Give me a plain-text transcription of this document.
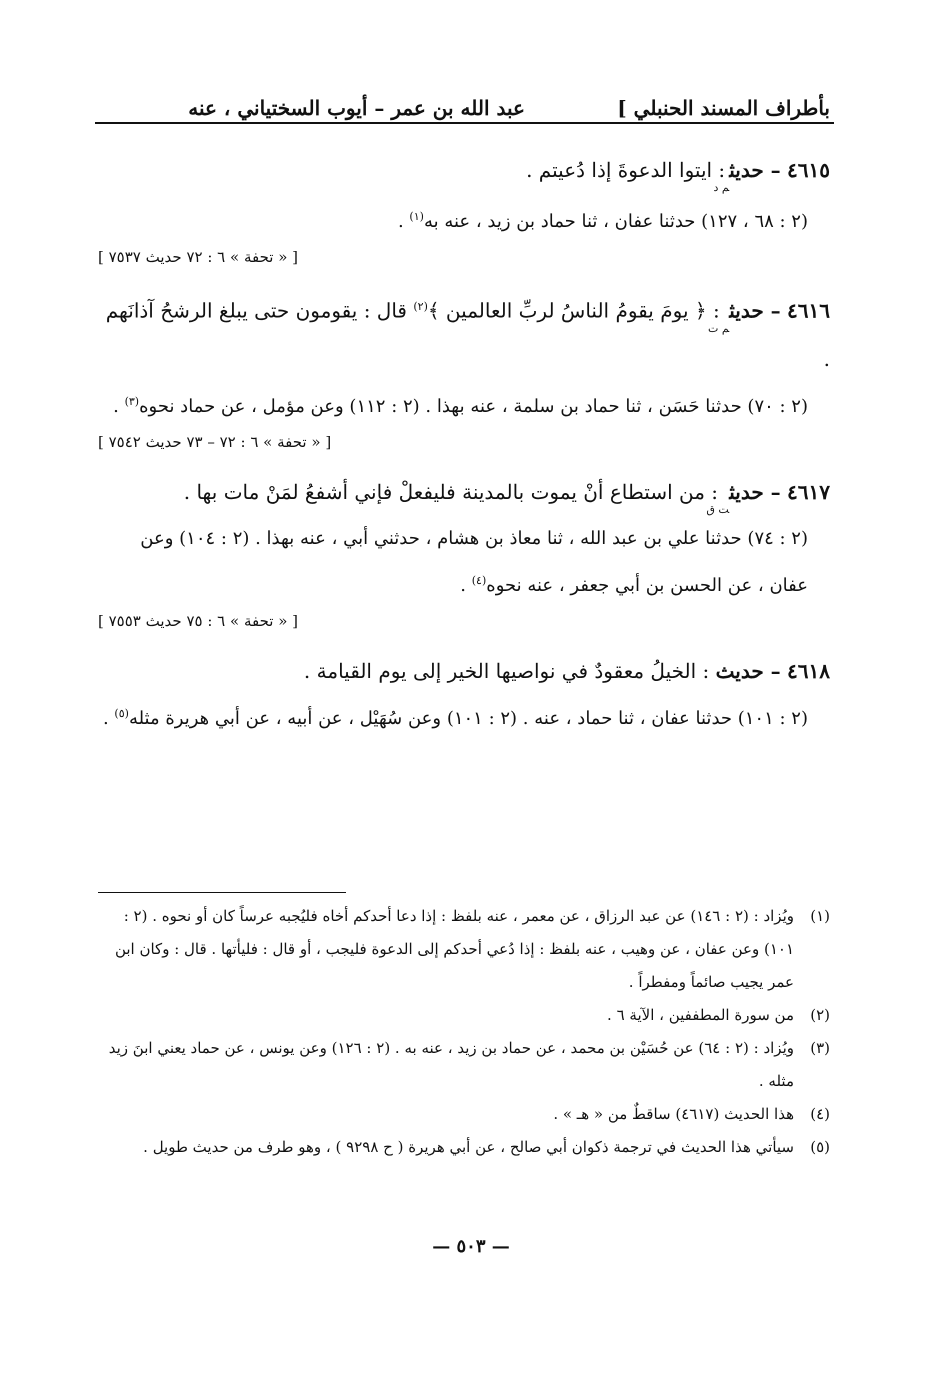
بأطراف المسند الحنبلي ]
عبد الله بن عمر – أيوب السختياني ، عنه
٤٦١٥ – حديث$_{م د}$ : ايتوا الدعوةَ إذا دُعيتم .
(٢ : ٦٨ ، ١٢٧) حدثنا عفان ، ثنا حماد بن زيد ، عنه به$^{(١)}$ .
[ « تحفة » ٦ : ٧٢ حديث ٧٥٣٧ ]
٤٦١٦ – حديث$_{م ت}$ : ﴿ يومَ يقومُ الناسُ لربِّ العالمين ﴾$^{(٢)}$ قال : يقومون حتى يبلغ الرشحُ آذانَهم .
(٢ : ٧٠) حدثنا حَسَن ، ثنا حماد بن سلمة ، عنه بهذا . (٢ : ١١٢) وعن مؤمل ، عن حماد نحوه$^{(٣)}$ .
[ « تحفة » ٦ : ٧٢ – ٧٣ حديث ٧٥٤٢ ]
٤٦١٧ – حديث$_{ت ق}$ : من استطاع أنْ يموت بالمدينة فليفعلْ فإني أشفعُ لمَنْ مات بها .
(٢ : ٧٤) حدثنا علي بن عبد الله ، ثنا معاذ بن هشام ، حدثني أبي ، عنه بهذا . (٢ : ١٠٤) وعن عفان ، عن الحسن بن أبي جعفر ، عنه نحوه$^{(٤)}$ .
[ « تحفة » ٦ : ٧٥ حديث ٧٥٥٣ ]
٤٦١٨ – حديث : الخيلُ معقودٌ في نواصيها الخير إلى يوم القيامة .
(٢ : ١٠١) حدثنا عفان ، ثنا حماد ، عنه . (٢ : ١٠١) وعن سُهَيْل ، عن أبيه ، عن أبي هريرة مثله$^{(٥)}$ .
(١)
ويُزاد : (٢ : ١٤٦) عن عبد الرزاق ، عن معمر ، عنه بلفظ : إذا دعا أحدكم أخاه فليُجبه عرساً كان أو نحوه . (٢ : ١٠١) وعن عفان ، عن وهيب ، عنه بلفظ : إذا دُعي أحدكم إلى الدعوة فليجب ، أو قال : فليأتها . قال : وكان ابن عمر يجيب صائماً ومفطراً .
(٢)
من سورة المطففين ، الآية ٦ .
(٣)
ويُزاد : (٢ : ٦٤) عن حُسَيْن بن محمد ، عن حماد بن زيد ، عنه به . (٢ : ١٢٦) وعن يونس ، عن حماد يعني ابنَ زيد مثله .
(٤)
هذا الحديث (٤٦١٧) ساقطٌ من « هـ » .
(٥)
سيأتي هذا الحديث في ترجمة ذكوان أبي صالح ، عن أبي هريرة ( ح ٩٢٩٨ ) ، وهو طرف من حديث طويل .
— ٥٠٣ —
